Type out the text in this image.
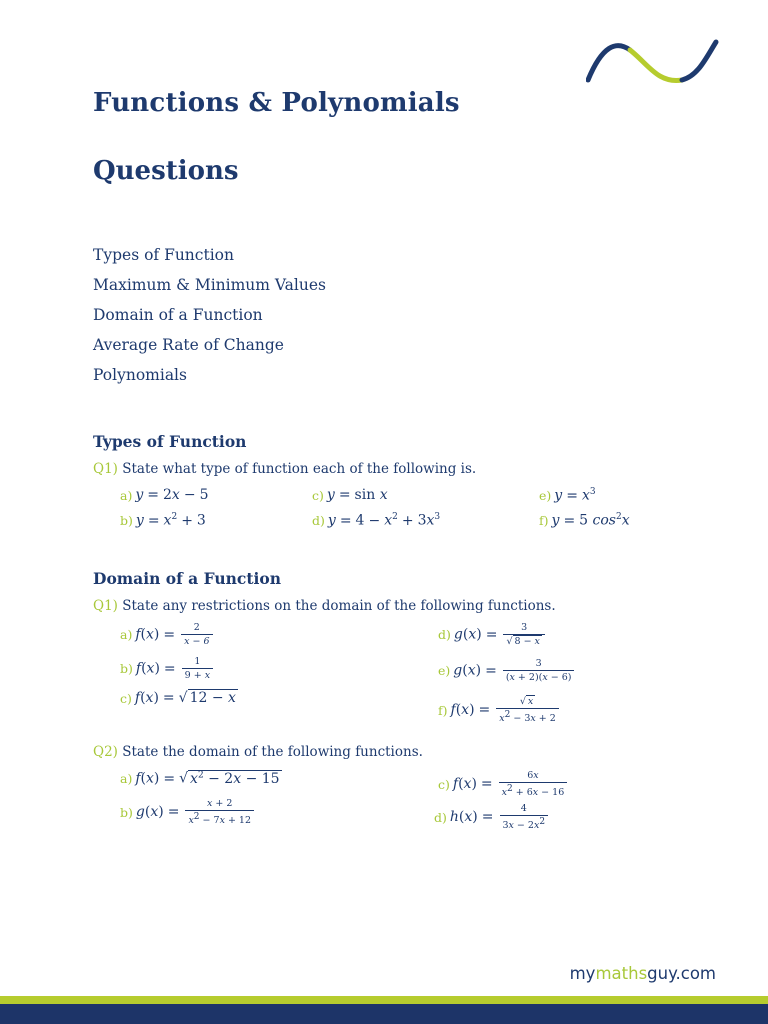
Functions & Polynomials
Questions
Types of Function
Maximum & Minimum Values
Domain of a Function
Average Rate of Change
Polynomials
Types of Function
Q1) State what type of function each of the following is.
a) y = 2x − 5
b) $y = x^2 + 3$
c) y = sin x
d) $y = 4 - x^2 + 3x^3$
e) $y = x^3$
f) y = 5 $\cos^2x$
Domain of a Function
Q1) State any restrictions on the domain of the following functions.
a) $f(x) = \frac{2}{x - 6}$
b) $f(x) = \frac{1}{9 + x}$
c) f(x) = √ 12 − x
d) $g(x) = \frac{3}{√ 8 - x}$
e) $g(x) = \frac{3}{(x + 2)(x - 6)}$
f) $f(x) = \frac{√ x}{x^2 - 3x + 2}$
Q2) State the domain of the following functions.
a) f(x) = √ $x^2 - 2x - 15$
b) $g(x) = \frac{x + 2}{x^2 - 7x + 12}$
c) $f(x) = \frac{6x}{x^2 + 6x - 16}$
d) $h(x) = \frac{4}{3x - 2x^2}$
mymathsguy.com
